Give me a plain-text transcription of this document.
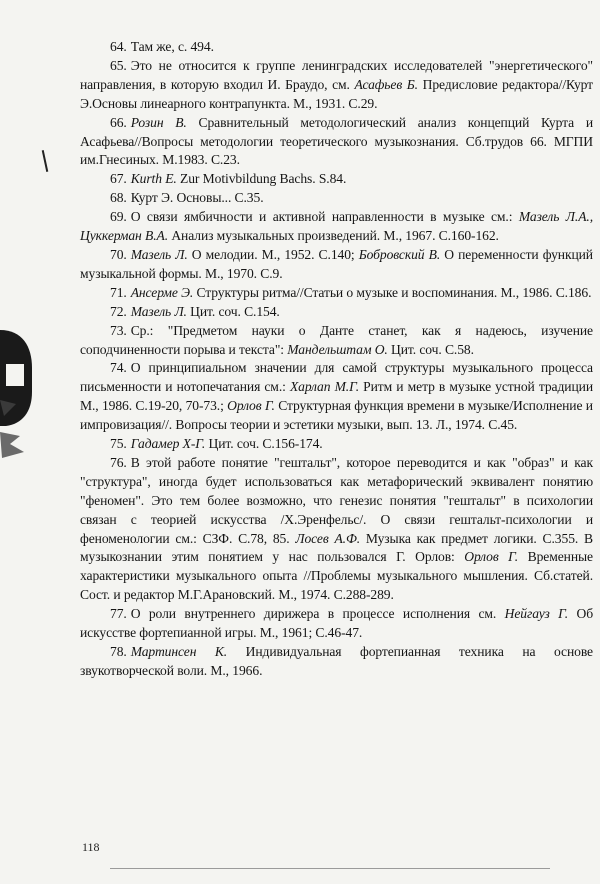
64. Там же, с. 494.

65. Это не относится к группе ленинградских исследователей "энергетического" направления, в которую входил И. Браудо, см. Асафьев Б. Предисловие редактора//Курт Э.Основы линеарного контрапункта. М., 1931. С.29.

66. Розин В. Сравнительный методологический анализ концепций Курта и Асафьева//Вопросы методологии теоретического музыкознания. Сб.трудов 66. МГПИ им.Гнесиных. М.1983. С.23.

67. Kurth E. Zur Motivbildung Bachs. S.84.

68. Курт Э. Основы... С.35.

69. О связи ямбичности и активной направленности в музыке см.: Мазель Л.А., Цуккерман В.А. Анализ музыкальных произведений. М., 1967. С.160-162.

70. Мазель Л. О мелодии. М., 1952. С.140; Бобровский В. О переменности функций музыкальной формы. М., 1970. С.9.

71. Ансерме Э. Структуры ритма//Статьи о музыке и воспоминания. М., 1986. С.186.

72. Мазель Л. Цит. соч. С.154.

73. Ср.: "Предметом науки о Данте станет, как я надеюсь, изучение соподчиненности порыва и текста": Мандельштам О. Цит. соч. С.58.

74. О принципиальном значении для самой структуры музыкального процесса письменности и нотопечатания см.: Харлап М.Г. Ритм и метр в музыке устной традиции М., 1986. С.19-20, 70-73.; Орлов Г. Структурная функция времени в музыке/Исполнение и импровизация//. Вопросы теории и эстетики музыки, вып. 13. Л., 1974. С.45.

75. Гадамер Х-Г. Цит. соч. С.156-174.

76. В этой работе понятие "гештальт", которое переводится и как "образ" и как "структура", иногда будет использоваться как метафорический эквивалент понятию "феномен". Это тем более возможно, что генезис понятия "гештальт" в психологии связан с теорией искусства /Х.Эренфельс/. О связи гештальт-психологии и феноменологии см.: СЗФ. С.78, 85. Лосев А.Ф. Музыка как предмет логики. С.355. В музыкознании этим понятием у нас пользовался Г. Орлов: Орлов Г. Временные характеристики музыкального опыта //Проблемы музыкального мышления. Сб.статей. Сост. и редактор М.Г.Арановский. М., 1974. С.288-289.

77. О роли внутреннего дирижера в процессе исполнения см. Нейгауз Г. Об искусстве фортепианной игры. М., 1961; С.46-47.

78. Мартинсен К. Индивидуальная фортепианная техника на основе звукотворческой воли. М., 1966.

118
